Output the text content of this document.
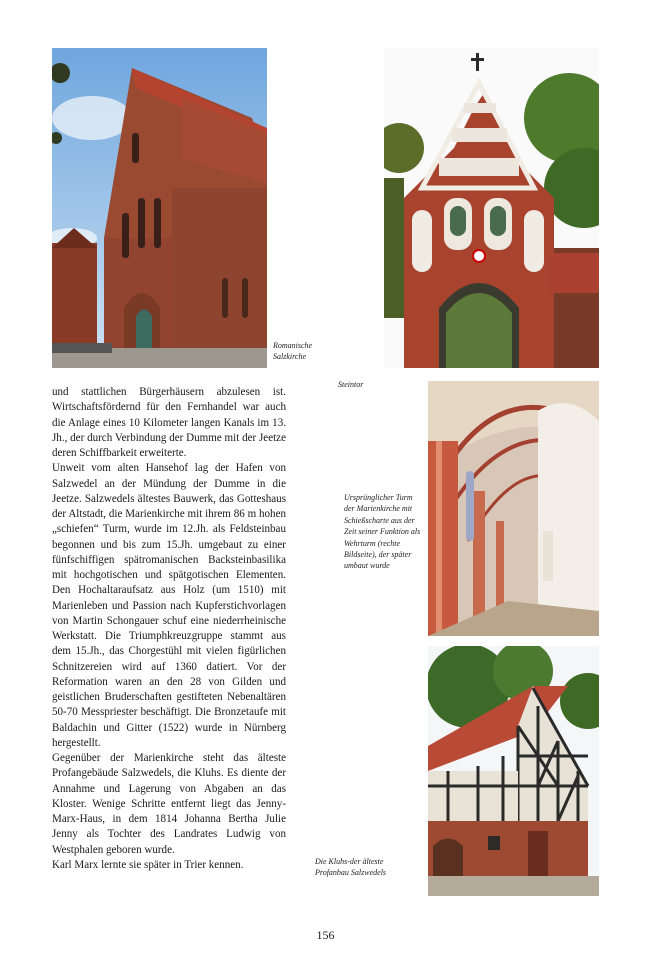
Romanische Salzkirche
Steintor
Ursprünglicher Turm der Marienkirche mit Schießscharte aus der Zeit seiner Funktion als Wehrturm (rechte Bildseite), der später umbaut wurde
Die Kluhs-der älteste Profanbau Salzwedels

und stattlichen Bürgerhäusern abzulesen ist. Wirtschaftsfördernd für den Fernhandel war auch die Anlage eines 10 Kilometer langen Kanals im 13. Jh., der durch Verbindung der Dumme mit der Jeetze deren Schiffbarkeit erweiterte.

Unweit vom alten Hansehof lag der Hafen von Salzwedel an der Mündung der Dumme in die Jeetze. Salzwedels ältestes Bauwerk, das Gotteshaus der Altstadt, die Marienkirche mit ihrem 86 m hohen „schiefen“ Turm, wurde im 12.Jh. als Feldsteinbau begonnen und bis zum 15.Jh. umgebaut zu einer fünfschiffigen spätromanischen Backsteinbasilika mit hochgotischen und spätgotischen Elementen. Den Hochaltaraufsatz aus Holz (um 1510) mit Marienleben und Passion nach Kupferstichvorlagen von Martin Schongauer schuf eine niederrheinische Werkstatt. Die Triumphkreuzgruppe stammt aus dem 15.Jh., das Chorgestühl mit vielen figürlichen Schnitzereien wird auf 1360 datiert. Vor der Reformation waren an den 28 von Gilden und geistlichen Bruderschaften gestifteten Nebenaltären 50-70 Messpriester beschäftigt. Die Bronzetaufe mit Baldachin und Gitter (1522) wurde in Nürnberg hergestellt.

Gegenüber der Marienkirche steht das älteste Profangebäude Salzwedels, die Kluhs. Es diente der Annahme und Lagerung von Abgaben an das Kloster. Wenige Schritte entfernt liegt das Jenny-Marx-Haus, in dem 1814 Johanna Bertha Julie Jenny als Tochter des Landrates Ludwig von Westphalen geboren wurde.

Karl Marx lernte sie später in Trier kennen.

156
